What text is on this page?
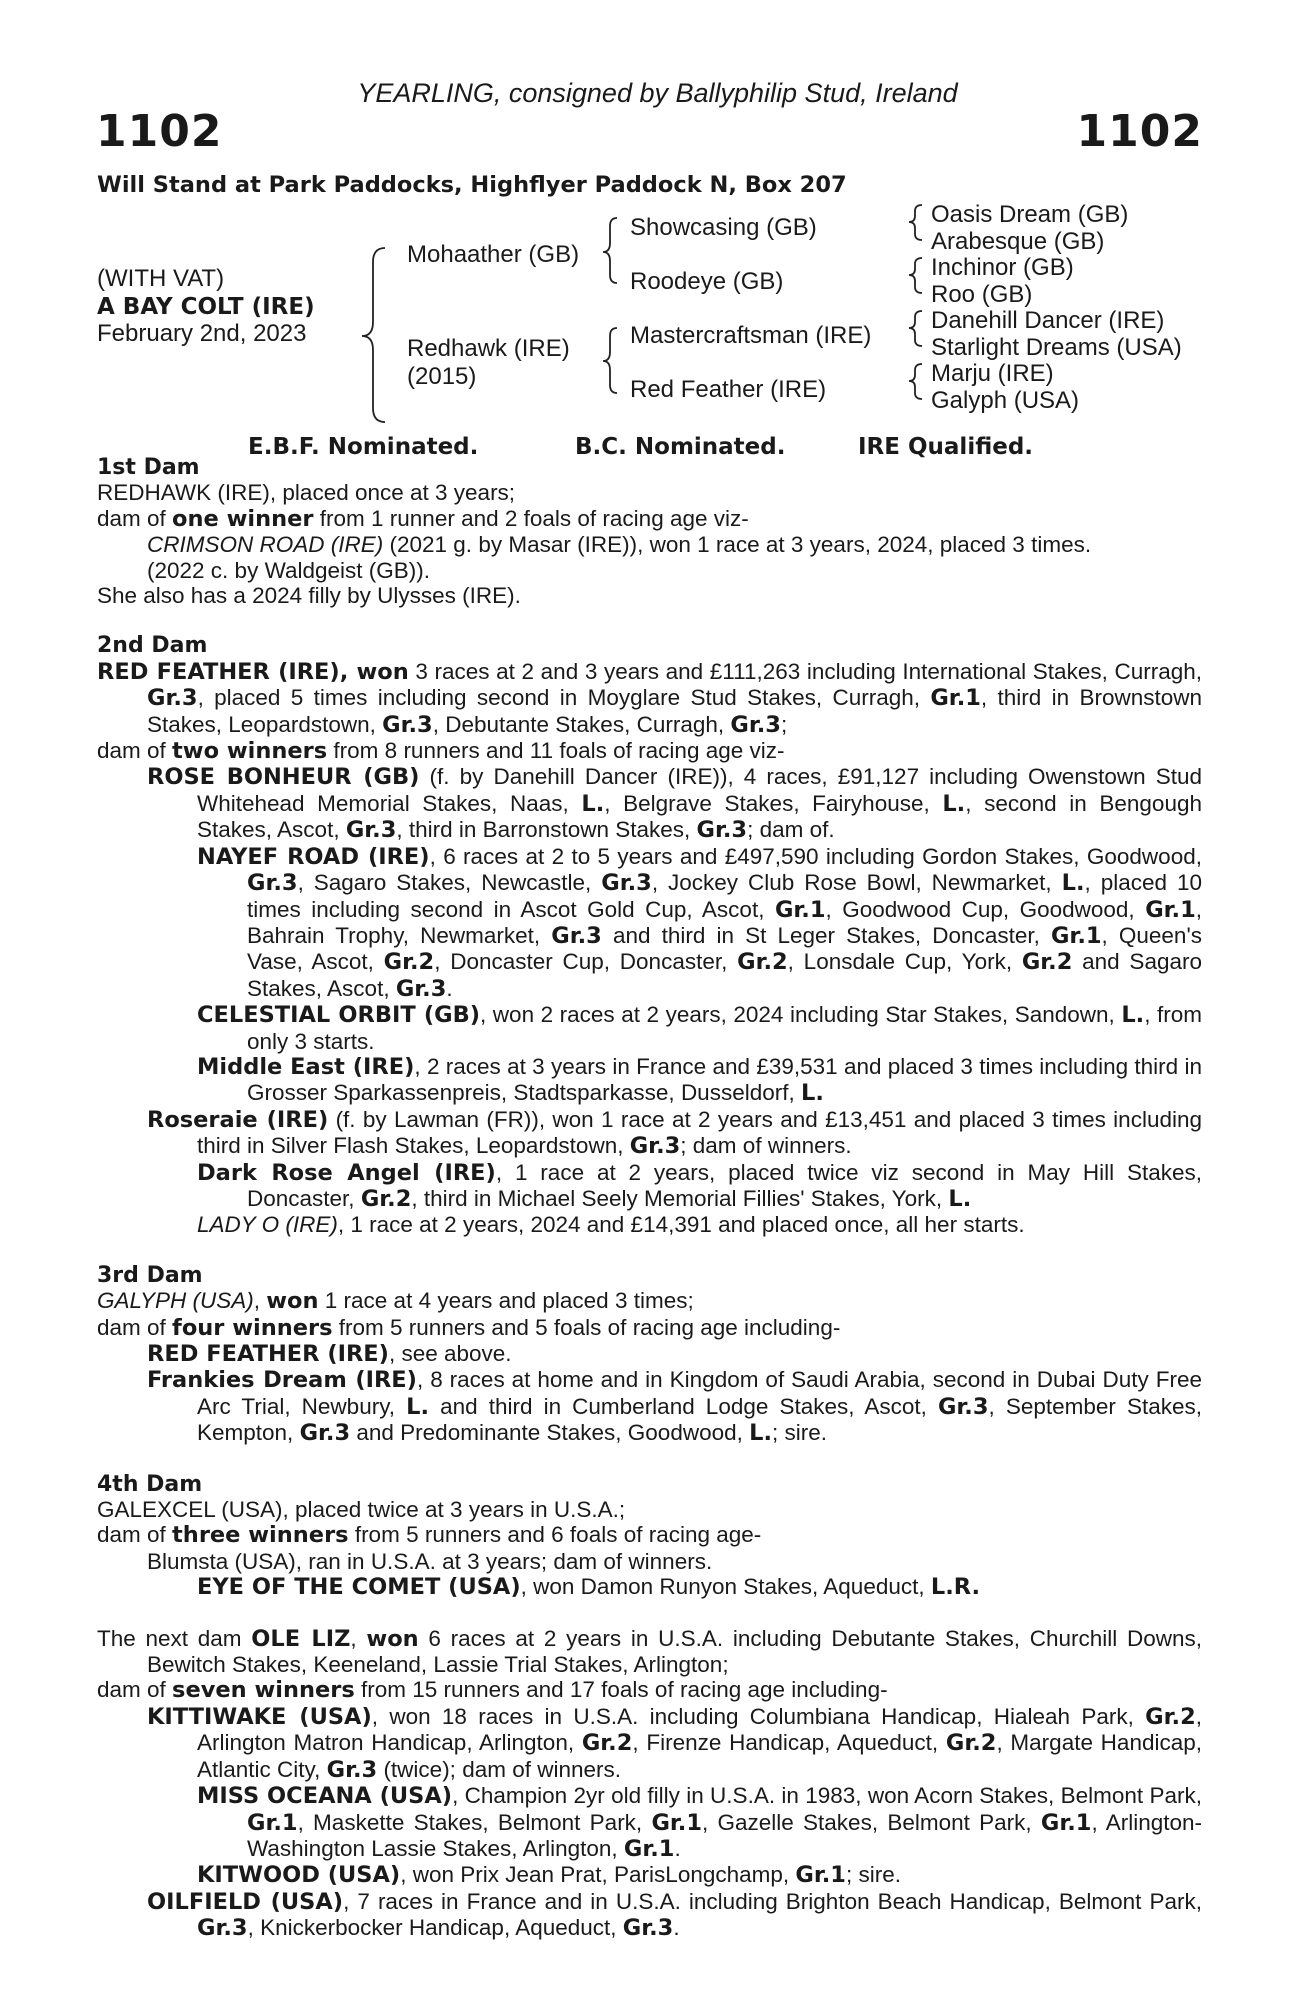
YEARLING, consigned by Ballyphilip Stud, Ireland
1102	1102
Will Stand at Park Paddocks, Highflyer Paddock N, Box 207
(WITH VAT)
A BAY COLT (IRE)
February 2nd, 2023
Mohaather (GB)
Redhawk (IRE)
(2015)
Showcasing (GB)
Roodeye (GB)
Mastercraftsman (IRE)
Red Feather (IRE)
Oasis Dream (GB)
Arabesque (GB)
Inchinor (GB)
Roo (GB)
Danehill Dancer (IRE)
Starlight Dreams (USA)
Marju (IRE)
Galyph (USA)
E.B.F. Nominated.	B.C. Nominated.	IRE Qualified.

1st Dam

REDHAWK (IRE), placed once at 3 years;

dam of one winner from 1 runner and 2 foals of racing age viz-

CRIMSON ROAD (IRE) (2021 g. by Masar (IRE)), won 1 race at 3 years, 2024, placed 3 times.

(2022 c. by Waldgeist (GB)).

She also has a 2024 filly by Ulysses (IRE).

2nd Dam

RED FEATHER (IRE), won 3 races at 2 and 3 years and £111,263 including International Stakes, Curragh, Gr.3, placed 5 times including second in Moyglare Stud Stakes, Curragh, Gr.1, third in Brownstown Stakes, Leopardstown, Gr.3, Debutante Stakes, Curragh, Gr.3;

dam of two winners from 8 runners and 11 foals of racing age viz-

ROSE BONHEUR (GB) (f. by Danehill Dancer (IRE)), 4 races, £91,127 including Owenstown Stud Whitehead Memorial Stakes, Naas, L., Belgrave Stakes, Fairyhouse, L., second in Bengough Stakes, Ascot, Gr.3, third in Barronstown Stakes, Gr.3; dam of.

NAYEF ROAD (IRE), 6 races at 2 to 5 years and £497,590 including Gordon Stakes, Goodwood, Gr.3, Sagaro Stakes, Newcastle, Gr.3, Jockey Club Rose Bowl, Newmarket, L., placed 10 times including second in Ascot Gold Cup, Ascot, Gr.1, Goodwood Cup, Goodwood, Gr.1, Bahrain Trophy, Newmarket, Gr.3 and third in St Leger Stakes, Doncaster, Gr.1, Queen's Vase, Ascot, Gr.2, Doncaster Cup, Doncaster, Gr.2, Lonsdale Cup, York, Gr.2 and Sagaro Stakes, Ascot, Gr.3.

CELESTIAL ORBIT (GB), won 2 races at 2 years, 2024 including Star Stakes, Sandown, L., from only 3 starts.

Middle East (IRE), 2 races at 3 years in France and £39,531 and placed 3 times including third in Grosser Sparkassenpreis, Stadtsparkasse, Dusseldorf, L.

Roseraie (IRE) (f. by Lawman (FR)), won 1 race at 2 years and £13,451 and placed 3 times including third in Silver Flash Stakes, Leopardstown, Gr.3; dam of winners.

Dark Rose Angel (IRE), 1 race at 2 years, placed twice viz second in May Hill Stakes, Doncaster, Gr.2, third in Michael Seely Memorial Fillies' Stakes, York, L.

LADY O (IRE), 1 race at 2 years, 2024 and £14,391 and placed once, all her starts.

3rd Dam

GALYPH (USA), won 1 race at 4 years and placed 3 times;

dam of four winners from 5 runners and 5 foals of racing age including-

RED FEATHER (IRE), see above.

Frankies Dream (IRE), 8 races at home and in Kingdom of Saudi Arabia, second in Dubai Duty Free Arc Trial, Newbury, L. and third in Cumberland Lodge Stakes, Ascot, Gr.3, September Stakes, Kempton, Gr.3 and Predominante Stakes, Goodwood, L.; sire.

4th Dam

GALEXCEL (USA), placed twice at 3 years in U.S.A.;

dam of three winners from 5 runners and 6 foals of racing age-

Blumsta (USA), ran in U.S.A. at 3 years; dam of winners.

EYE OF THE COMET (USA), won Damon Runyon Stakes, Aqueduct, L.R.

The next dam OLE LIZ, won 6 races at 2 years in U.S.A. including Debutante Stakes, Churchill Downs, Bewitch Stakes, Keeneland, Lassie Trial Stakes, Arlington;

dam of seven winners from 15 runners and 17 foals of racing age including-

KITTIWAKE (USA), won 18 races in U.S.A. including Columbiana Handicap, Hialeah Park, Gr.2, Arlington Matron Handicap, Arlington, Gr.2, Firenze Handicap, Aqueduct, Gr.2, Margate Handicap, Atlantic City, Gr.3 (twice); dam of winners.

MISS OCEANA (USA), Champion 2yr old filly in U.S.A. in 1983, won Acorn Stakes, Belmont Park, Gr.1, Maskette Stakes, Belmont Park, Gr.1, Gazelle Stakes, Belmont Park, Gr.1, Arlington-Washington Lassie Stakes, Arlington, Gr.1.

KITWOOD (USA), won Prix Jean Prat, ParisLongchamp, Gr.1; sire.

OILFIELD (USA), 7 races in France and in U.S.A. including Brighton Beach Handicap, Belmont Park, Gr.3, Knickerbocker Handicap, Aqueduct, Gr.3.
